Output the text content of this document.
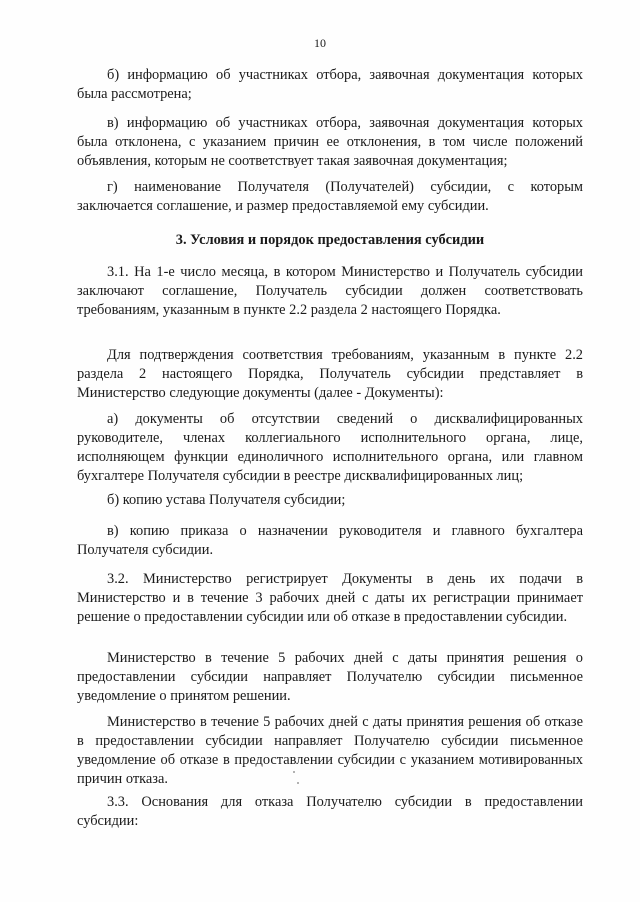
10

б) информацию об участниках отбора, заявочная документация которых была рассмотрена;

в) информацию об участниках отбора, заявочная документация которых была отклонена, с указанием причин ее отклонения, в том числе положений объявления, которым не соответствует такая заявочная документация;

г) наименование Получателя (Получателей) субсидии, с которым заключается соглашение, и размер предоставляемой ему субсидии.

3. Условия и порядок предоставления субсидии

3.1. На 1-е число месяца, в котором Министерство и Получатель субсидии заключают соглашение, Получатель субсидии должен соответствовать требованиям, указанным в пункте 2.2 раздела 2 настоящего Порядка.

Для подтверждения соответствия требованиям, указанным в пункте 2.2 раздела 2 настоящего Порядка, Получатель субсидии представляет в Министерство следующие документы (далее - Документы):

а) документы об отсутствии сведений о дисквалифицированных руководителе, членах коллегиального исполнительного органа, лице, исполняющем функции единоличного исполнительного органа, или главном бухгалтере Получателя субсидии в реестре дисквалифицированных лиц;

б) копию устава Получателя субсидии;

в) копию приказа о назначении руководителя и главного бухгалтера Получателя субсидии.

3.2. Министерство регистрирует Документы в день их подачи в Министерство и в течение 3 рабочих дней с даты их регистрации принимает решение о предоставлении субсидии или об отказе в предоставлении субсидии.

Министерство в течение 5 рабочих дней с даты принятия решения о предоставлении субсидии направляет Получателю субсидии письменное уведомление о принятом решении.

Министерство в течение 5 рабочих дней с даты принятия решения об отказе в предоставлении субсидии направляет Получателю субсидии письменное уведомление об отказе в предоставлении субсидии с указанием мотивированных причин отказа.

3.3. Основания для отказа Получателю субсидии в предоставлении субсидии:
